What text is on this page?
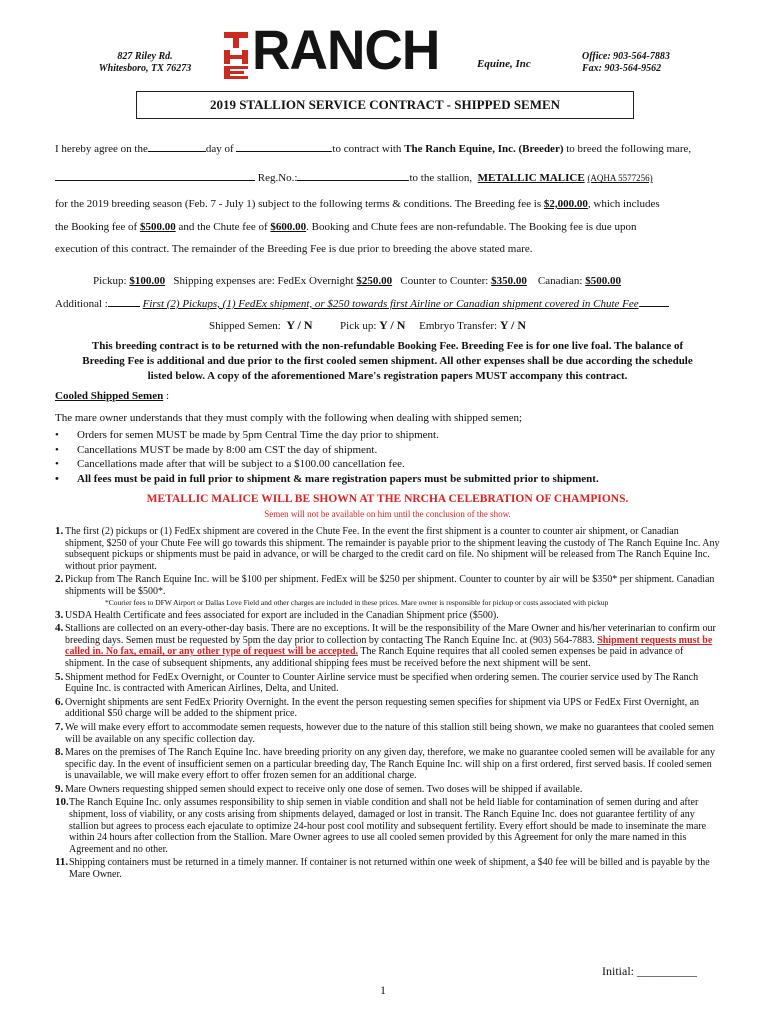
827 Riley Rd.
Whitesboro, TX 76273 RANCH	Equine, Inc
Office: 903-564-7883
Fax: 903-564-9562
2019 STALLION SERVICE CONTRACT - SHIPPED SEMEN
I hereby agree on the	day of	to contract with The Ranch Equine, Inc. (Breeder) to breed the following mare,
Reg.No.:	to the stallion, METALLIC MALICE (AQHA 5577256)
for the 2019 breeding season (Feb. 7 - July 1) subject to the following terms & conditions. The Breeding fee is $2,000.00, which includes
the Booking fee of $500.00 and the Chute fee of $600.00. Booking and Chute fees are non-refundable. The Booking fee is due upon
execution of this contract. The remainder of the Breeding Fee is due prior to breeding the above stated mare.
Pickup: $100.00 Shipping expenses are: FedEx Overnight $250.00 Counter to Counter: $350.00 Canadian: $500.00
Additional :	First (2) Pickups, (1) FedEx shipment, or $250 towards first Airline or Canadian shipment covered in Chute Fee
Shipped Semen: Y / N	Pick up: Y / N Embryo Transfer: Y / N
This breeding contract is to be returned with the non-refundable Booking Fee. Breeding Fee is for one live foal. The balance of
Breeding Fee is additional and due prior to the first cooled semen shipment. All other expenses shall be due according the schedule
listed below. A copy of the aforementioned Mare's registration papers MUST accompany this contract.
Cooled Shipped Semen :
The mare owner understands that they must comply with the following when dealing with shipped semen;
• Orders for semen MUST be made by 5pm Central Time the day prior to shipment.
• Cancellations MUST be made by 8:00 am CST the day of shipment.
• Cancellations made after that will be subject to a $100.00 cancellation fee.
• All fees must be paid in full prior to shipment & mare registration papers must be submitted prior to shipment.
METALLIC MALICE WILL BE SHOWN AT THE NRCHA CELEBRATION OF CHAMPIONS.
Semen will not be available on him until the conclusion of the show.
1. The first (2) pickups or (1) FedEx shipment are covered in the Chute Fee. In the event the first shipment is a counter to counter air shipment, or Canadian shipment, $250 of your Chute Fee will go towards this shipment. The remainder is payable prior to the shipment leaving the custody of The Ranch Equine Inc. Any subsequent pickups or shipments must be paid in advance, or will be charged to the credit card on file. No shipment will be released from The Ranch Equine Inc. without prior payment.
2. Pickup from The Ranch Equine Inc. will be $100 per shipment. FedEx will be $250 per shipment. Counter to counter by air will be $350* per shipment. Canadian shipments will be $500*.
*Courier fees to DFW Airport or Dallas Love Field and other charges are included in these prices. Mare owner is responsible for pickup or costs associated with pickup
3. USDA Health Certificate and fees associated for export are included in the Canadian Shipment price ($500).
4. Stallions are collected on an every-other-day basis. There are no exceptions. It will be the responsibility of the Mare Owner and his/her veterinarian to confirm our breeding days. Semen must be requested by 5pm the day prior to collection by contacting The Ranch Equine Inc. at (903) 564-7883. Shipment requests must be called in. No fax, email, or any other type of request will be accepted. The Ranch Equine requires that all cooled semen expenses be paid in advance of shipment. In the case of subsequent shipments, any additional shipping fees must be received before the next shipment will be sent.
5. Shipment method for FedEx Overnight, or Counter to Counter Airline service must be specified when ordering semen. The courier service used by The Ranch Equine Inc. is contracted with American Airlines, Delta, and United.
6. Overnight shipments are sent FedEx Priority Overnight. In the event the person requesting semen specifies for shipment via UPS or FedEx First Overnight, an additional $50 charge will be added to the shipment price.
7. We will make every effort to accommodate semen requests, however due to the nature of this stallion still being shown, we make no guarantees that cooled semen will be available on any specific collection day.
8. Mares on the premises of The Ranch Equine Inc. have breeding priority on any given day, therefore, we make no guarantee cooled semen will be available for any specific day. In the event of insufficient semen on a particular breeding day, The Ranch Equine Inc. will ship on a first ordered, first served basis. If cooled semen is unavailable, we will make every effort to offer frozen semen for an additional charge.
9. Mare Owners requesting shipped semen should expect to receive only one dose of semen. Two doses will be shipped if available.
10. The Ranch Equine Inc. only assumes responsibility to ship semen in viable condition and shall not be held liable for contamination of semen during and after shipment, loss of viability, or any costs arising from shipments delayed, damaged or lost in transit. The Ranch Equine Inc. does not guarantee fertility of any stallion but agrees to process each ejaculate to optimize 24-hour post cool motility and subsequent fertility. Every effort should be made to inseminate the mare within 24 hours after collection from the Stallion. Mare Owner agrees to use all cooled semen provided by this Agreement for only the mare named in this Agreement and no other.
11. Shipping containers must be returned in a timely manner. If container is not returned within one week of shipment, a $40 fee will be billed and is payable by the Mare Owner.
Initial: __________
1
